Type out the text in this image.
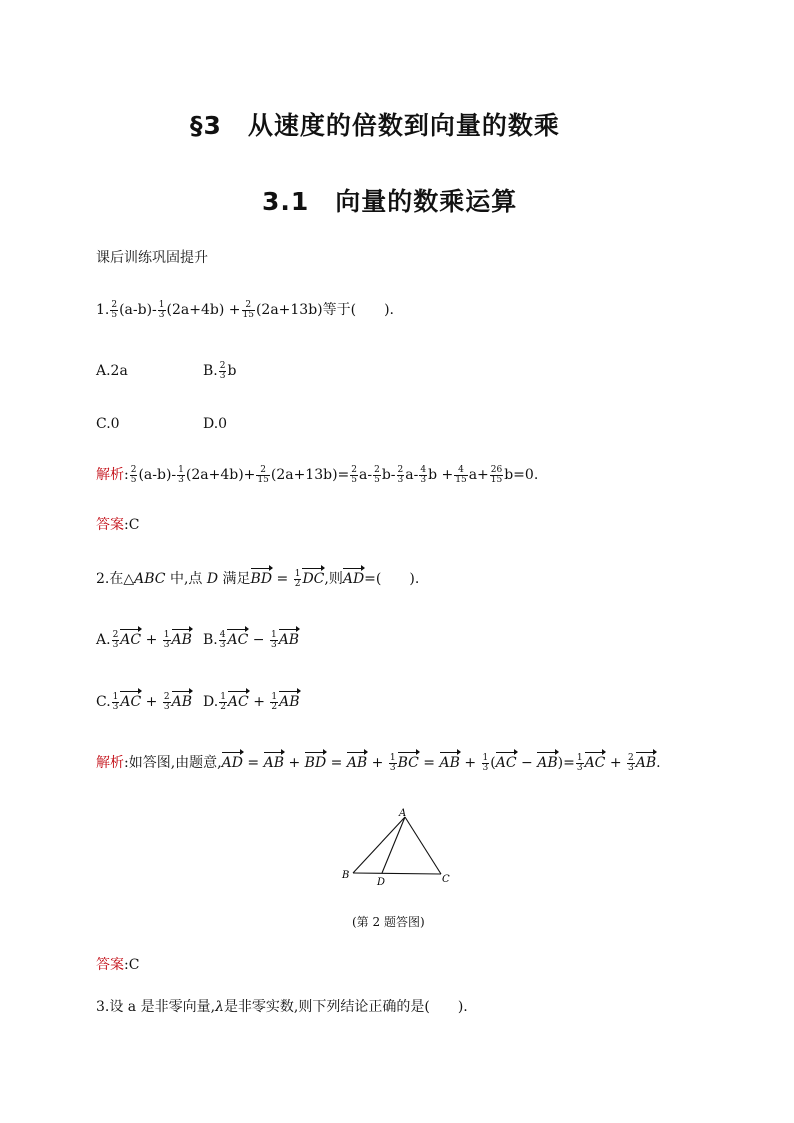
§3　从速度的倍数到向量的数乘
3.1　向量的数乘运算
课后训练巩固提升
1. $\frac{2}{5} (a-b)- \frac{1}{3} (2a+4b) + \frac{2}{15} (2a+13b)$等于(　　).
A.2a	B. $\frac{2}{3}$ b
C.0	D.0
解析: $\frac{2}{5} (a-b)- \frac{1}{3} (2a+4b)+ \frac{2}{15} (2a+13b)= \frac{2}{5} a- \frac{2}{5} b- \frac{2}{3} a- \frac{4}{3}$ $b + \frac{4}{15} a+ \frac{26}{15} b=0$.
答案:C
2.在△ABC 中,点 D 满足BD = $\frac{1}{2}$ DC,则AD=(　　).
A. $\frac{2}{3}$ AC + $\frac{1}{3}$ AB B. $\frac{4}{3}$ AC − $\frac{1}{3}$ AB
C. $\frac{1}{3}$ AC + $\frac{2}{3}$ AB D. $\frac{1}{2}$ AC + $\frac{1}{2}$ AB
解析:如答图,由题意,AD = AB + BD = AB + $\frac{1}{3}$ BC = AB + $\frac{1}{3} (AC - AB)= \frac{1}{3}$ AC + $\frac{2}{3}$ AB.
A
B
D	C
(第 2 题答图)
答案:C
3.设 a 是非零向量,λ是非零实数,则下列结论正确的是(　　).
